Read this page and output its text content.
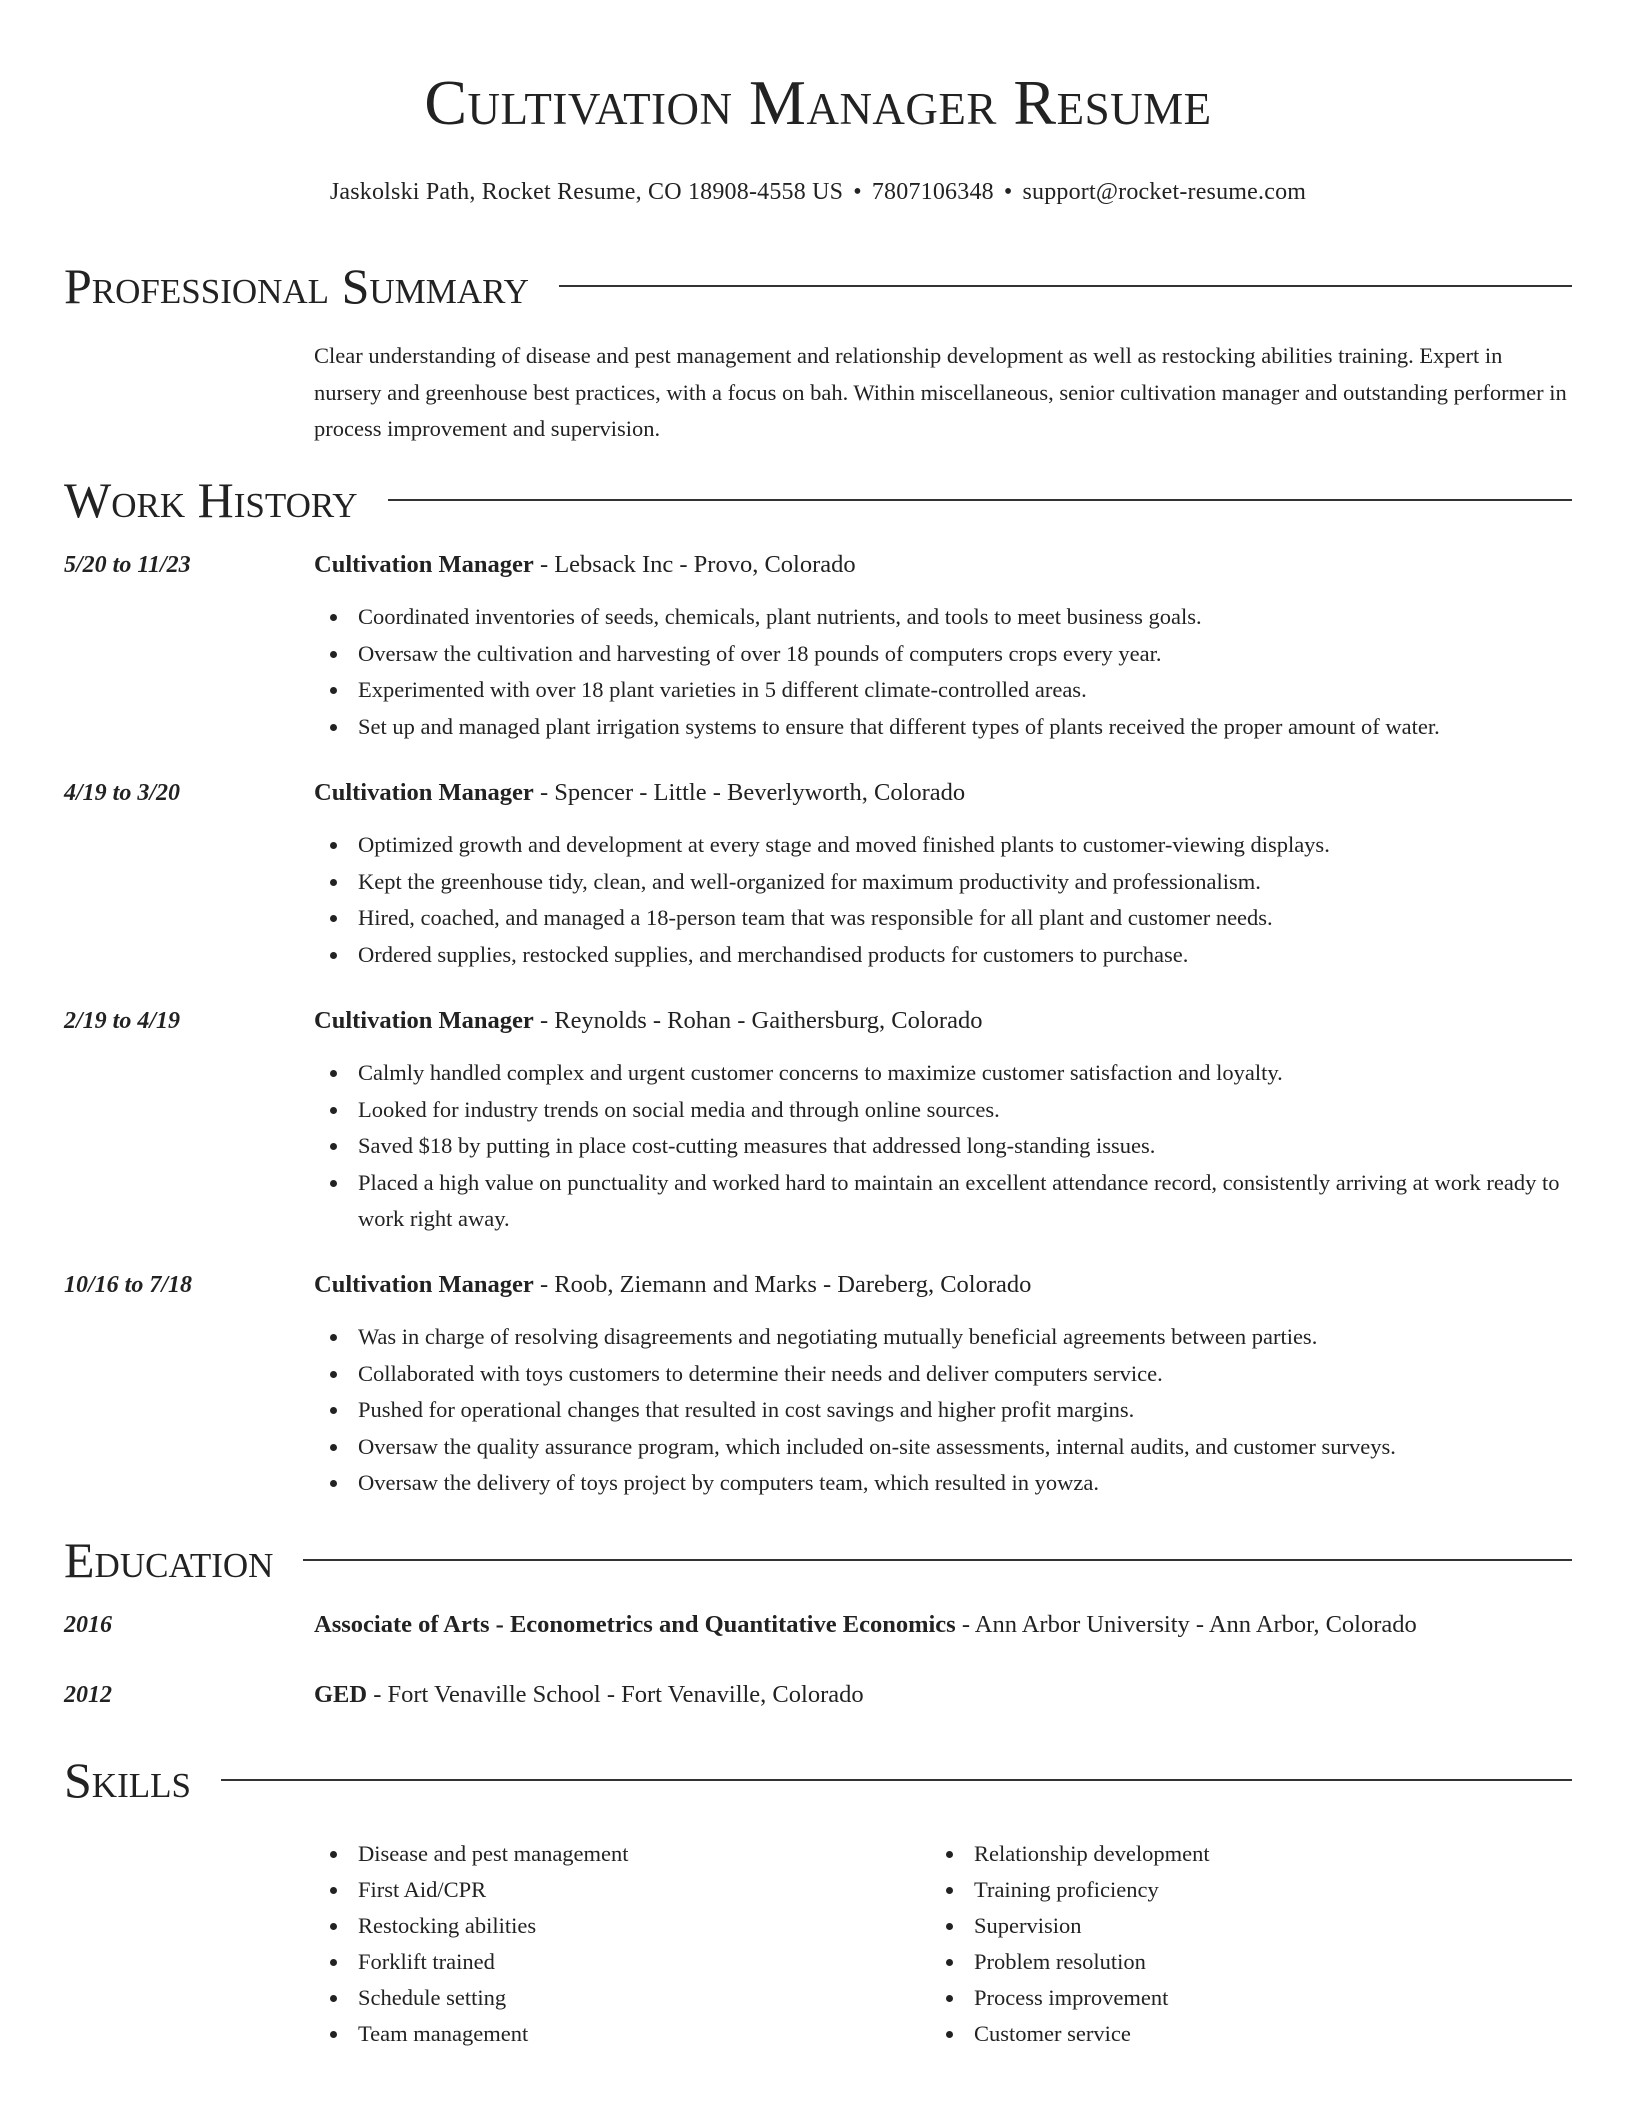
Cultivation Manager Resume
Jaskolski Path, Rocket Resume, CO 18908-4558 US • 7807106348 • support@rocket-resume.com
Professional Summary
Clear understanding of disease and pest management and relationship development as well as restocking abilities training. Expert in nursery and greenhouse best practices, with a focus on bah. Within miscellaneous, senior cultivation manager and outstanding performer in process improvement and supervision.
Work History
5/20 to 11/23	Cultivation Manager - Lebsack Inc - Provo, Colorado
Coordinated inventories of seeds, chemicals, plant nutrients, and tools to meet business goals.
Oversaw the cultivation and harvesting of over 18 pounds of computers crops every year.
Experimented with over 18 plant varieties in 5 different climate-controlled areas.
Set up and managed plant irrigation systems to ensure that different types of plants received the proper amount of water.
4/19 to 3/20	Cultivation Manager - Spencer - Little - Beverlyworth, Colorado
Optimized growth and development at every stage and moved finished plants to customer-viewing displays.
Kept the greenhouse tidy, clean, and well-organized for maximum productivity and professionalism.
Hired, coached, and managed a 18-person team that was responsible for all plant and customer needs.
Ordered supplies, restocked supplies, and merchandised products for customers to purchase.
2/19 to 4/19	Cultivation Manager - Reynolds - Rohan - Gaithersburg, Colorado
Calmly handled complex and urgent customer concerns to maximize customer satisfaction and loyalty.
Looked for industry trends on social media and through online sources.
Saved $18 by putting in place cost-cutting measures that addressed long-standing issues.
Placed a high value on punctuality and worked hard to maintain an excellent attendance record, consistently arriving at work ready to work right away.
10/16 to 7/18	Cultivation Manager - Roob, Ziemann and Marks - Dareberg, Colorado
Was in charge of resolving disagreements and negotiating mutually beneficial agreements between parties.
Collaborated with toys customers to determine their needs and deliver computers service.
Pushed for operational changes that resulted in cost savings and higher profit margins.
Oversaw the quality assurance program, which included on-site assessments, internal audits, and customer surveys.
Oversaw the delivery of toys project by computers team, which resulted in yowza.
Education
2016	Associate of Arts - Econometrics and Quantitative Economics - Ann Arbor University - Ann Arbor, Colorado
2012	GED - Fort Venaville School - Fort Venaville, Colorado
Skills
Disease and pest management
First Aid/CPR
Restocking abilities
Forklift trained
Schedule setting
Team management
Relationship development
Training proficiency
Supervision
Problem resolution
Process improvement
Customer service
